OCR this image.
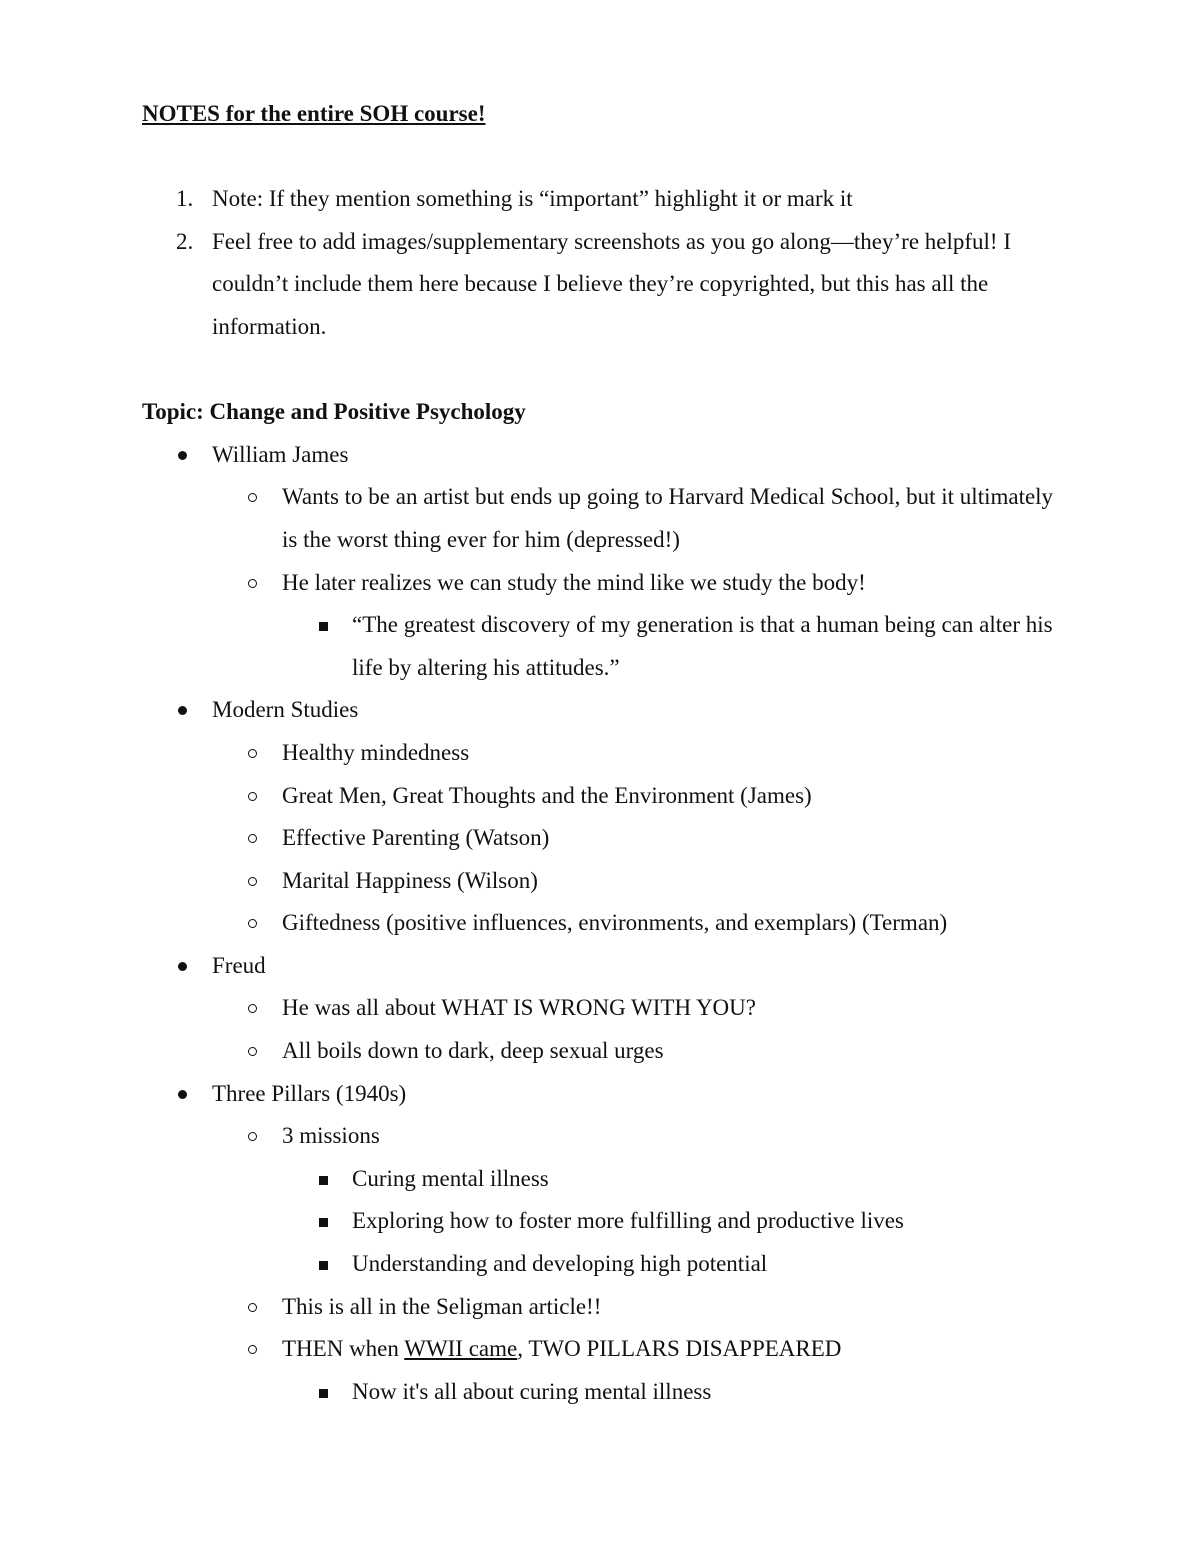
NOTES for the entire SOH course!

1. Note: If they mention something is “important” highlight it or mark it
2. Feel free to add images/supplementary screenshots as you go along—they’re helpful! I couldn’t include them here because I believe they’re copyrighted, but this has all the information.

Topic: Change and Positive Psychology

William James
Wants to be an artist but ends up going to Harvard Medical School, but it ultimately is the worst thing ever for him (depressed!)
He later realizes we can study the mind like we study the body!
“The greatest discovery of my generation is that a human being can alter his life by altering his attitudes.”
Modern Studies
Healthy mindedness
Great Men, Great Thoughts and the Environment (James)
Effective Parenting (Watson)
Marital Happiness (Wilson)
Giftedness (positive influences, environments, and exemplars) (Terman)
Freud
He was all about WHAT IS WRONG WITH YOU?
All boils down to dark, deep sexual urges
Three Pillars (1940s)
3 missions
Curing mental illness
Exploring how to foster more fulfilling and productive lives
Understanding and developing high potential
This is all in the Seligman article!!
THEN when WWII came, TWO PILLARS DISAPPEARED
Now it's all about curing mental illness
